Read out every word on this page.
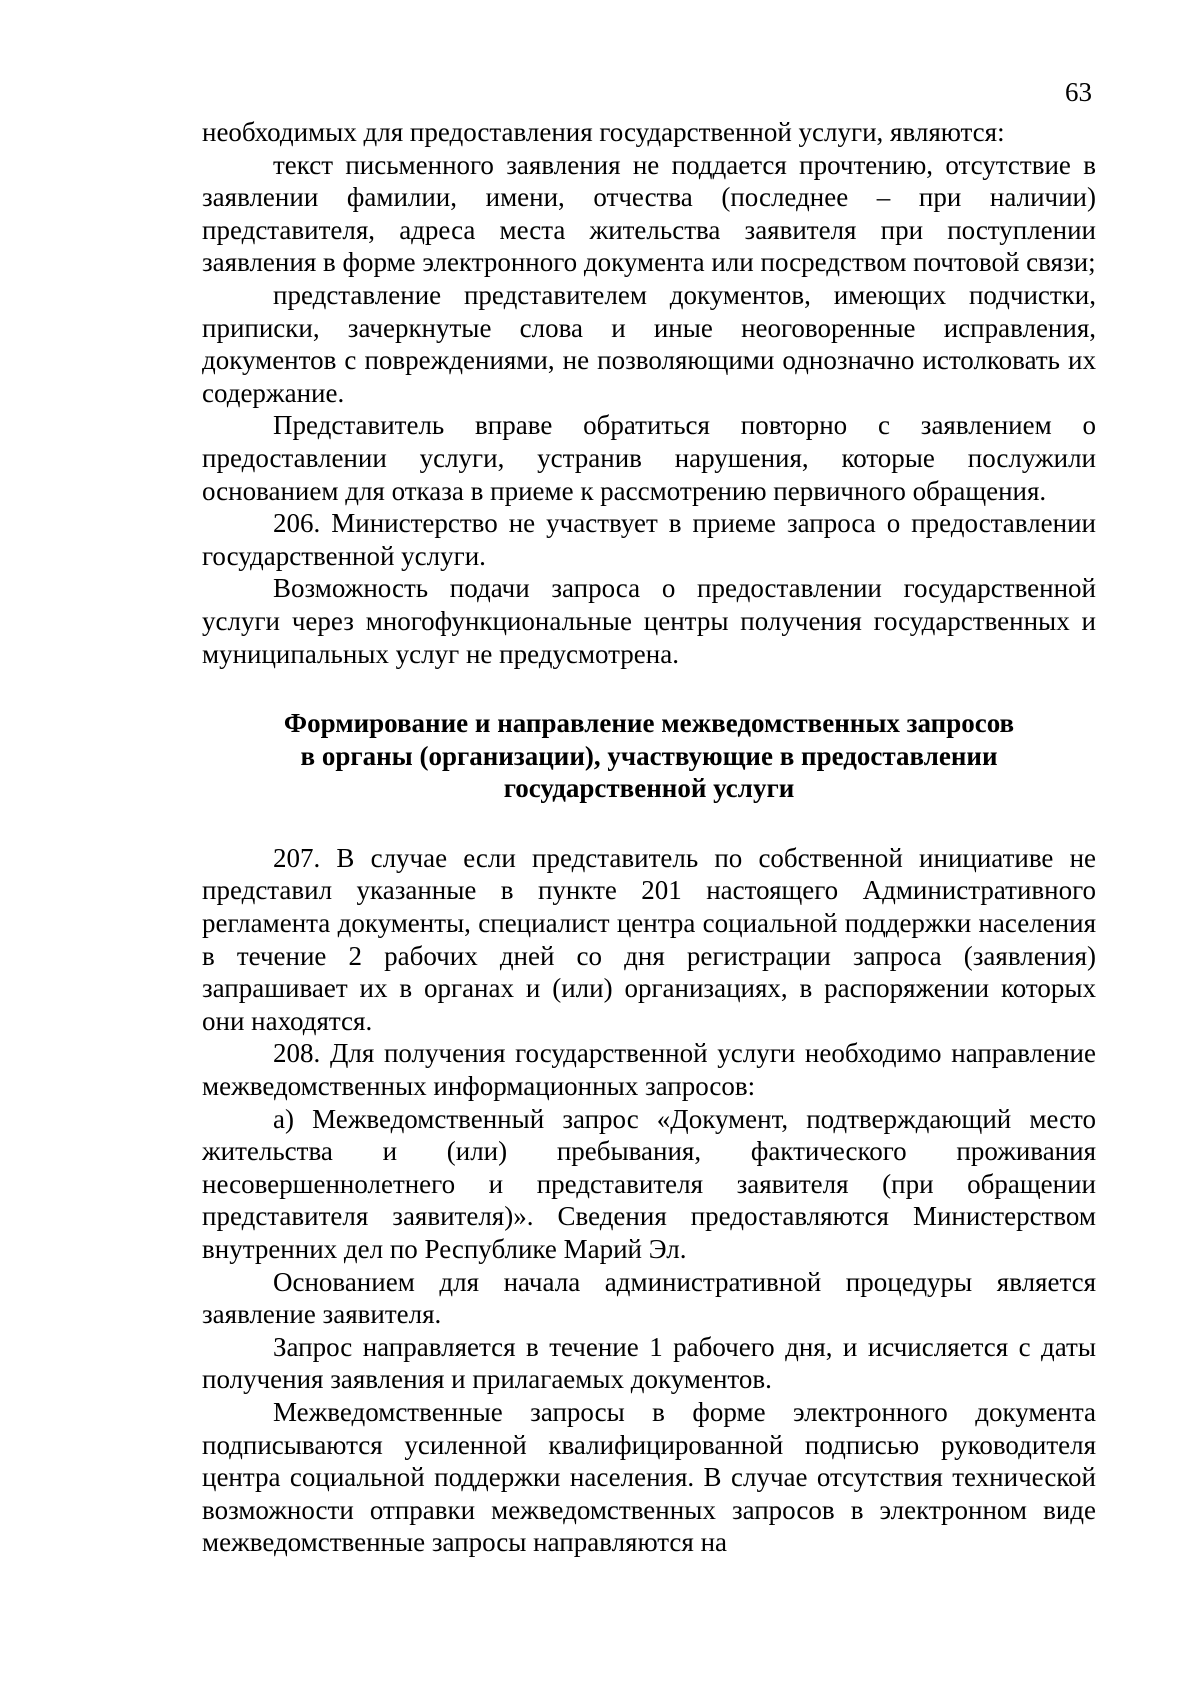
63

необходимых для предоставления государственной услуги, являются:

текст письменного заявления не поддается прочтению, отсутствие в заявлении фамилии, имени, отчества (последнее – при наличии) представителя, адреса места жительства заявителя при поступлении заявления в форме электронного документа или посредством почтовой связи;

представление представителем документов, имеющих подчистки, приписки, зачеркнутые слова и иные неоговоренные исправления, документов с повреждениями, не позволяющими однозначно истолковать их содержание.

Представитель вправе обратиться повторно с заявлением о предоставлении услуги, устранив нарушения, которые послужили основанием для отказа в приеме к рассмотрению первичного обращения.

206. Министерство не участвует в приеме запроса о предоставлении государственной услуги.

Возможность подачи запроса о предоставлении государственной услуги через многофункциональные центры получения государственных и муниципальных услуг не предусмотрена.

Формирование и направление межведомственных запросов
в органы (организации), участвующие в предоставлении
государственной услуги

207. В случае если представитель по собственной инициативе не представил указанные в пункте 201 настоящего Административного регламента документы, специалист центра социальной поддержки населения в течение 2 рабочих дней со дня регистрации запроса (заявления) запрашивает их в органах и (или) организациях, в распоряжении которых они находятся.

208. Для получения государственной услуги необходимо направление межведомственных информационных запросов:

а) Межведомственный запрос «Документ, подтверждающий место жительства и (или) пребывания, фактического проживания несовершеннолетнего и представителя заявителя (при обращении представителя заявителя)». Сведения предоставляются Министерством внутренних дел по Республике Марий Эл.

Основанием для начала административной процедуры является заявление заявителя.

Запрос направляется в течение 1 рабочего дня, и исчисляется с даты получения заявления и прилагаемых документов.

Межведомственные запросы в форме электронного документа подписываются усиленной квалифицированной подписью руководителя центра социальной поддержки населения. В случае отсутствия технической возможности отправки межведомственных запросов в электронном виде межведомственные запросы направляются на
